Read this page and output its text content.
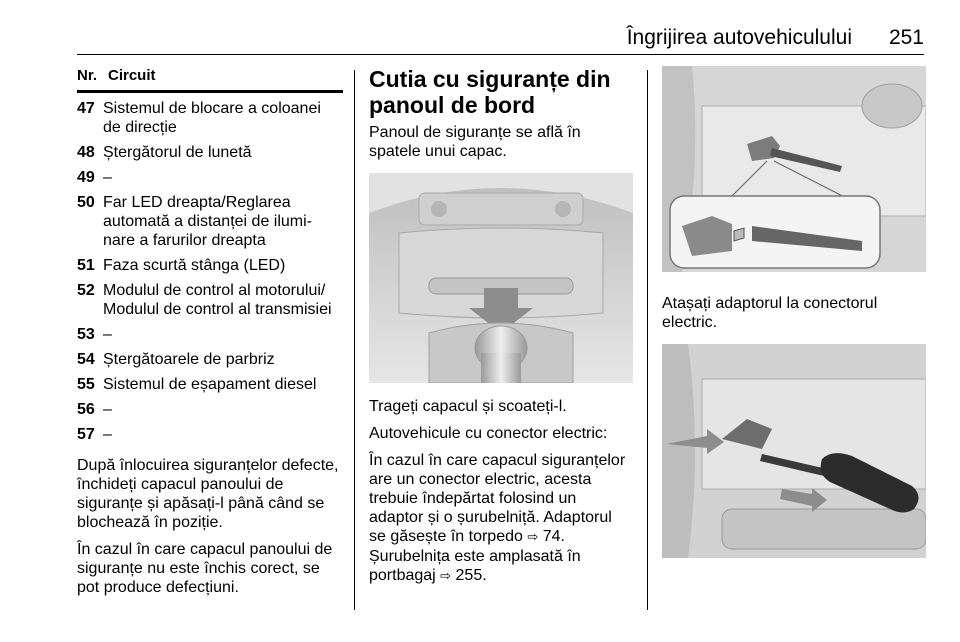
Îngrijirea autovehiculului 251
Nr. Circuit
47 Sistemul de blocare a coloanei de direcție
48 Ștergătorul de lunetă
49 –
50 Far LED dreapta/Reglarea automată a distanței de ilumi-nare a farurilor dreapta
51 Faza scurtă stânga (LED)
52 Modulul de control al motorului/ Modulul de control al transmisiei
53 –
54 Ștergătoarele de parbriz
55 Sistemul de eșapament diesel
56 –
57 –

După înlocuirea siguranțelor defecte, închideți capacul panoului de siguranțe și apăsați-l până când se blochează în poziție.

În cazul în care capacul panoului de siguranțe nu este închis corect, se pot produce defecțiuni.

Cutia cu siguranțe din panoul de bord

Panoul de siguranțe se află în spatele unui capac.

Trageți capacul și scoateți-l.

Autovehicule cu conector electric:

În cazul în care capacul siguranțelor are un conector electric, acesta trebuie îndepărtat folosind un adaptor și o șurubelniță. Adaptorul se găsește în torpedo ⇨ 74. Șurubelnița este amplasată în portbagaj ⇨ 255.

Atașați adaptorul la conectorul electric.
